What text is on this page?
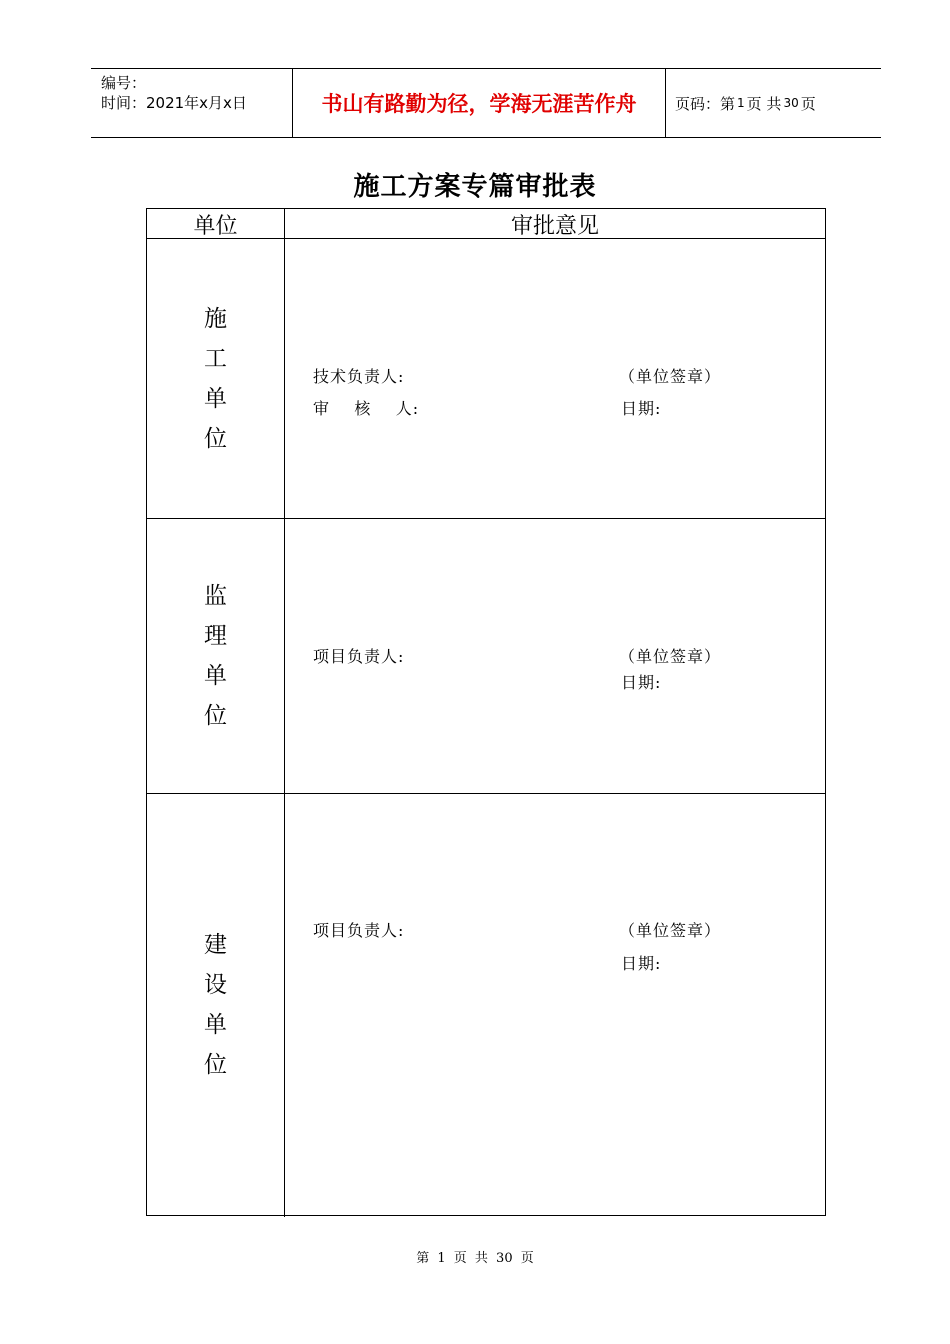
编号：
时间：2021年x月x日	书山有路勤为径，学海无涯苦作舟	页码：第 1 页 共 30 页
施工方案专篇审批表
单位	审批意见
施
工
单
位
技术负责人:	（单位签章）
审    核    人:	日期:
监
理
单
位
项目负责人:	（单位签章）
日期:
建
设
单
位
项目负责人:	（单位签章）
日期:
第 1 页 共 30 页
